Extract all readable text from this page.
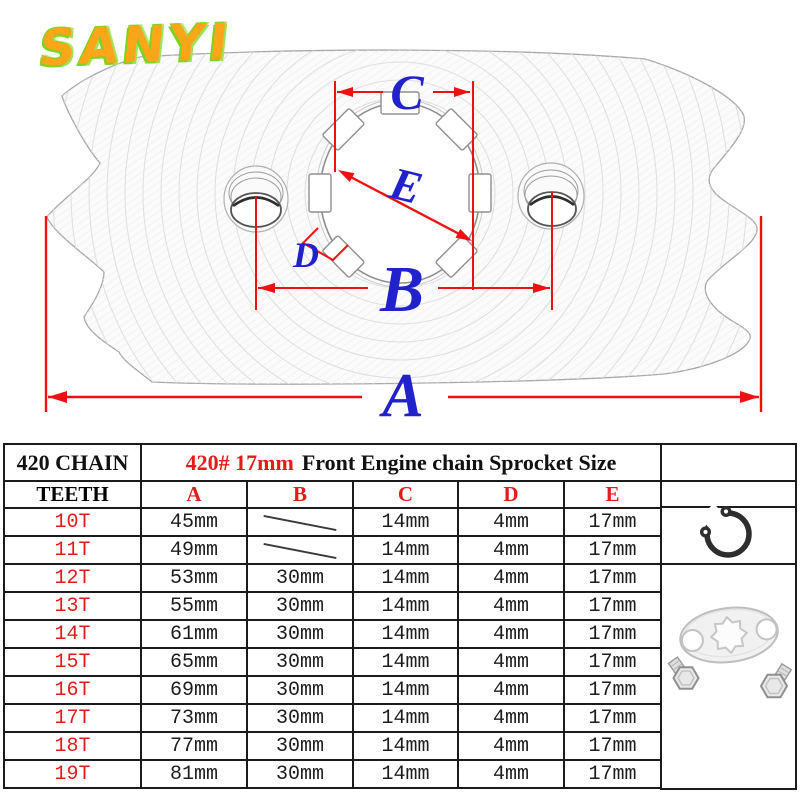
SANYI
C
E
D B
A
420 CHAIN	420# 17mm Front Engine chain Sprocket Size				
TEETH	A	B	C	D	E
10T	45mm		14mm	4mm	17mm
11T	49mm		14mm	4mm	17mm
12T	53mm	30mm	14mm	4mm	17mm
13T	55mm	30mm	14mm	4mm	17mm
14T	61mm	30mm	14mm	4mm	17mm
15T	65mm	30mm	14mm	4mm	17mm
16T	69mm	30mm	14mm	4mm	17mm
17T	73mm	30mm	14mm	4mm	17mm
18T	77mm	30mm	14mm	4mm	17mm
19T	81mm	30mm	14mm	4mm	17mm
